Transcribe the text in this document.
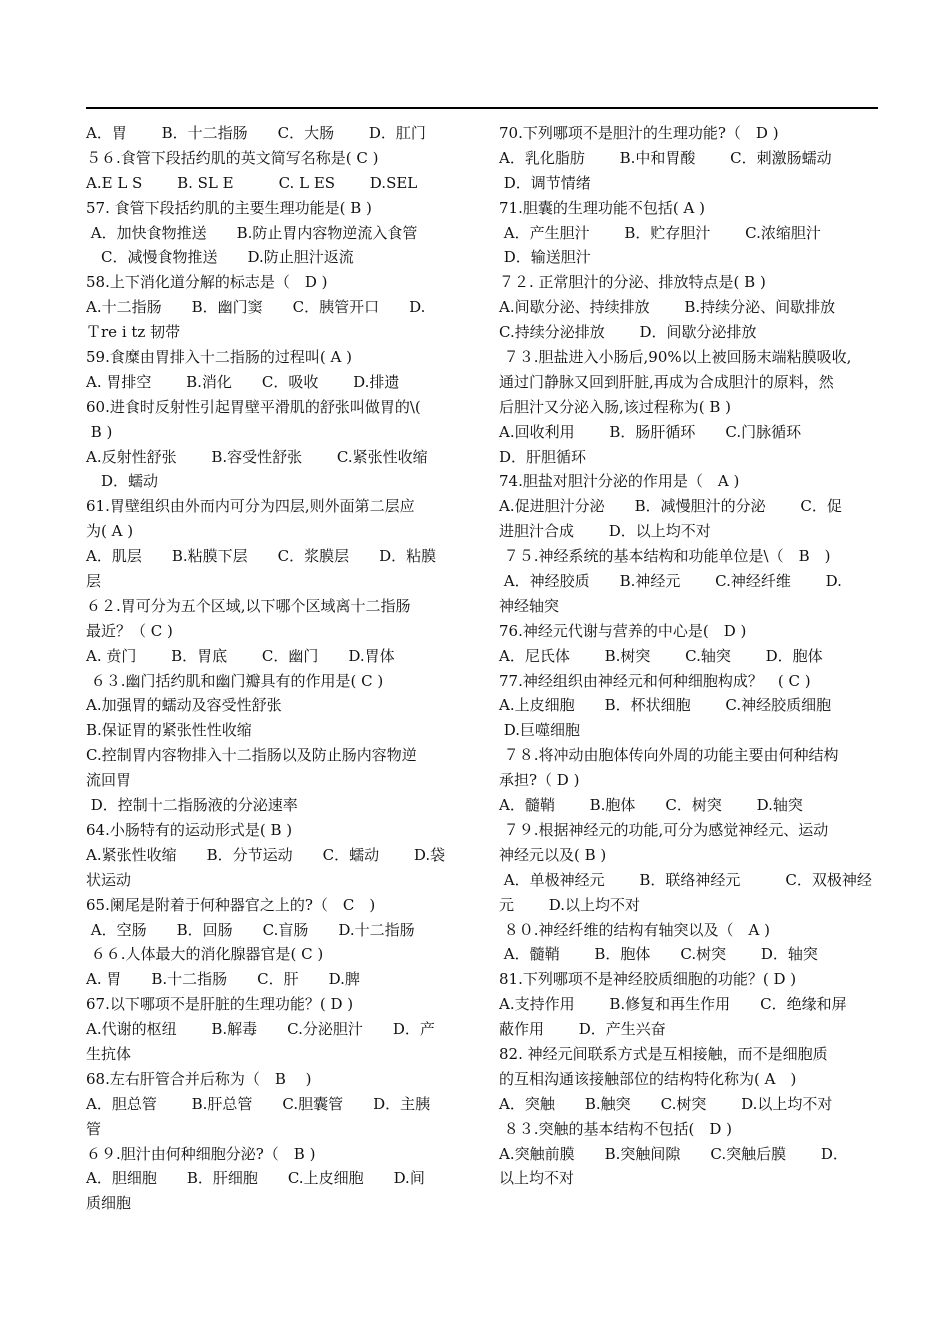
A．胃　　 B．十二指肠　　C．大肠　　 D．肛门
５６.食管下段括约肌的英文简写名称是( C )
A.E L S　　 B. SL E　　　C. L ES　　 D.SEL
57. 食管下段括约肌的主要生理功能是( B )
A．加快食物推送　　B.防止胃内容物逆流入食管
　C．减慢食物推送　　D.防止胆汁返流
58.上下消化道分解的标志是（　D )
A.十二指肠　　B．幽门窦　　C．胰管开口　　D.
Ｔre i tz 韧带
59.食糜由胃排入十二指肠的过程叫( A )
A. 胃排空　　 B.消化　　C．吸收　　 D.排遗
60.进食时反射性引起胃壁平滑肌的舒张叫做胃的\(
B )
A.反射性舒张　　 B.容受性舒张　　 C.紧张性收缩
　D．蠕动
61.胃壁组织由外而内可分为四层,则外面第二层应
为( A )
A．肌层　　B.粘膜下层　　C．浆膜层　　D．粘膜
层
６２.胃可分为五个区域,以下哪个区域离十二指肠
最近？（ C )
A. 贲门　　 B．胃底　　 C．幽门　　D.胃体
６３.幽门括约肌和幽门瓣具有的作用是( C )
A.加强胃的蠕动及容受性舒张
B.保证胃的紧张性性收缩
C.控制胃内容物排入十二指肠以及防止肠内容物逆
流回胃
D．控制十二指肠液的分泌速率
64.小肠特有的运动形式是( B )
A.紧张性收缩　　B．分节运动　　C．蠕动　　 D.袋
状运动
65.阑尾是附着于何种器官之上的?（　C　)
A．空肠　　B．回肠　　C.盲肠　　D.十二指肠
６６.人体最大的消化腺器官是( C )
A. 胃　　B.十二指肠　　C．肝　　D.脾
67.以下哪项不是肝脏的生理功能？( D )
A.代谢的枢纽　　 B.解毒　　C.分泌胆汁　　D．产
生抗体
68.左右肝管合并后称为（　B　 )
A．胆总管　　 B.肝总管　　C.胆囊管　　D．主胰
管
６９.胆汁由何种细胞分泌?（　B )
A．胆细胞　　B．肝细胞　　C.上皮细胞　　D.间
质细胞
70.下列哪项不是胆汁的生理功能?（　D )
A．乳化脂肪　　 B.中和胃酸　　 C．刺激肠蠕动
D．调节情绪
71.胆囊的生理功能不包括( A )
A．产生胆汁　　 B．贮存胆汁　　 C.浓缩胆汁
D．输送胆汁
７２. 正常胆汁的分泌、排放特点是( B )
A.间歇分泌、持续排放　　 B.持续分泌、间歇排放
C.持续分泌排放　　 D．间歇分泌排放
７３.胆盐进入小肠后,90%以上被回肠末端粘膜吸收,
通过门静脉又回到肝脏,再成为合成胆汁的原料，然
后胆汁又分泌入肠,该过程称为( B )
A.回收利用　　 B．肠肝循环　　C.门脉循环
D．肝胆循环
74.胆盐对胆汁分泌的作用是（　A )
A.促进胆汁分泌　　B．减慢胆汁的分泌　　 C．促
进胆汁合成　　 D．以上均不对
７５.神经系统的基本结构和功能单位是\（　B　)
A．神经胶质　　B.神经元　　 C.神经纤维　　 D.
神经轴突
76.神经元代谢与营养的中心是(　D )
A．尼氏体　　 B.树突　　 C.轴突　　 D．胞体
77.神经组织由神经元和何种细胞构成？　( C )
A.上皮细胞　　B．杯状细胞　　 C.神经胶质细胞
D.巨噬细胞
７８.将冲动由胞体传向外周的功能主要由何种结构
承担?（ D )
A．髓鞘　　 B.胞体　　C．树突　　 D.轴突
７９.根据神经元的功能,可分为感觉神经元、运动
神经元以及( B )
A．单极神经元　　 B．联络神经元　　　C．双极神经
元　　 D.以上均不对
８０.神经纤维的结构有轴突以及（　A )
A．髓鞘　　 B．胞体　　C.树突　　 D．轴突
81.下列哪项不是神经胶质细胞的功能？( D )
A.支持作用　　 B.修复和再生作用　　C．绝缘和屏
蔽作用　　 D．产生兴奋
82. 神经元间联系方式是互相接触，而不是细胞质
的互相沟通该接触部位的结构特化称为( A　)
A．突触　　B.触突　　C.树突　　 D.以上均不对
８３.突触的基本结构不包括(　D )
A.突触前膜　　B.突触间隙　　C.突触后膜　　 D．
以上均不对
